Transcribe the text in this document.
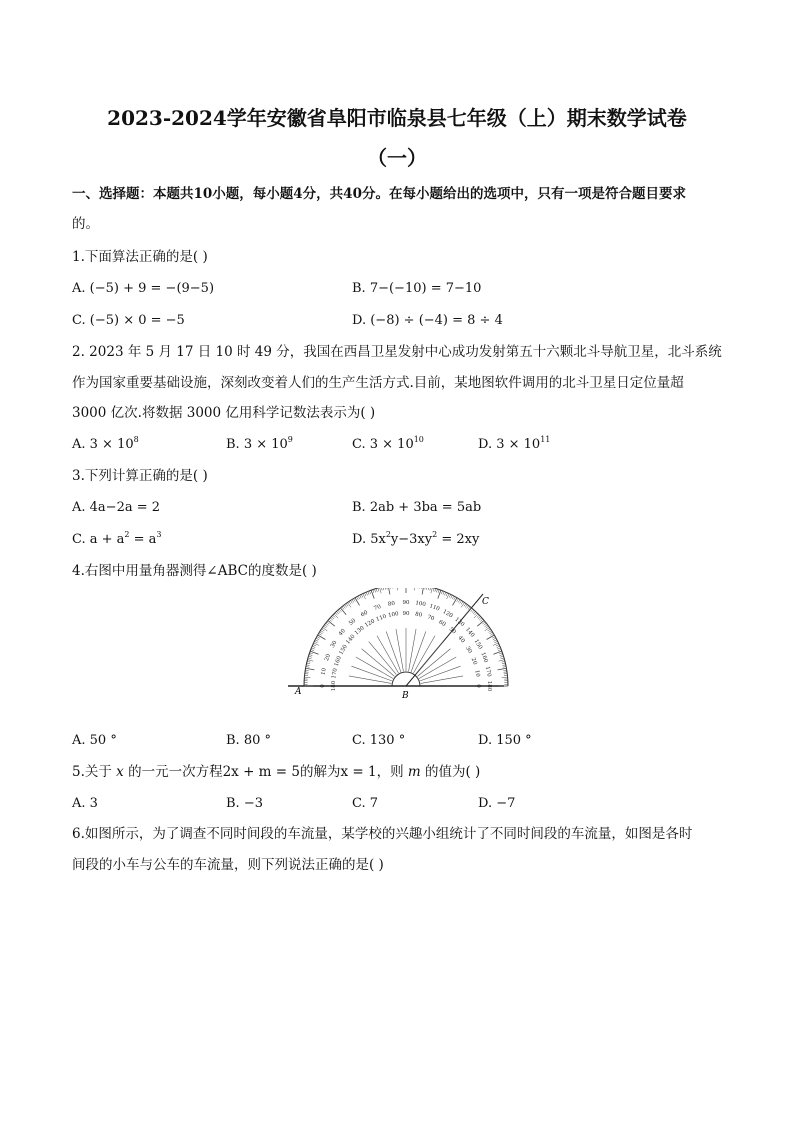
2023-2024学年安徽省阜阳市临泉县七年级（上）期末数学试卷
（一）
一、选择题：本题共10小题，每小题4分，共40分。在每小题给出的选项中，只有一项是符合题目要求
的。
1.下面算法正确的是( )
A. (−5) + 9 = −(9−5)	B. 7−(−10) = 7−10
C. (−5) × 0 = −5	D. (−8) ÷ (−4) = 8 ÷ 4
2. 2023 年 5 月 17 日 10 时 49 分，我国在西昌卫星发射中心成功发射第五十六颗北斗导航卫星，北斗系统
作为国家重要基础设施，深刻改变着人们的生产生活方式.目前，某地图软件调用的北斗卫星日定位量超
3000 亿次.将数据 3000 亿用科学记数法表示为( )
A. $3 \times 10^8$	B. $3 \times 10^9$	C. $3 \times 10^{10}$	D. $3 \times 10^{11}$
3.下列计算正确的是( )
A. 4a−2a = 2	B. 2ab + 3ba = 5ab
C. $a + a^2 = a^3$	D. $5x^2y-3xy^2 = 2xy$
4.右图中用量角器测得∠ABC的度数是( )
0
10
20
30
40
50
60
70 80 90 100 110
120
130
140
150
160
170
180
180
170
160
150
140
130
120
110 100 90 80 70
60
50
40
30
20
10
0
A	B
C
A. 50 °	B. 80 °	C. 130 °	D. 150 °
5.关于 x 的一元一次方程2x + m = 5的解为x = 1，则 m 的值为( )
A. 3	B. −3	C. 7	D. −7
6.如图所示，为了调查不同时间段的车流量，某学校的兴趣小组统计了不同时间段的车流量，如图是各时
间段的小车与公车的车流量，则下列说法正确的是( )
